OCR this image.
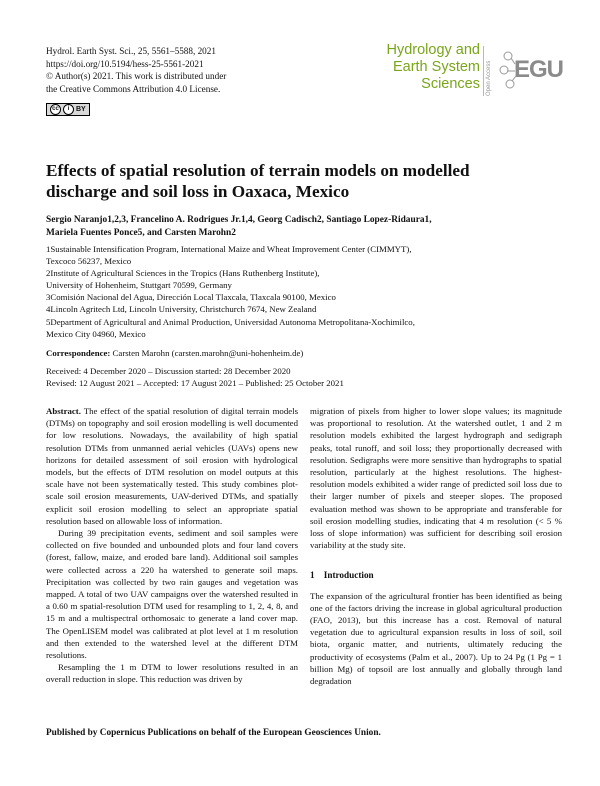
Hydrol. Earth Syst. Sci., 25, 5561–5588, 2021
https://doi.org/10.5194/hess-25-5561-2021
© Author(s) 2021. This work is distributed under
the Creative Commons Attribution 4.0 License.
cc	i BY
Hydrology and
Earth System
Sciences Open Access EGU
Effects of spatial resolution of terrain models on modelled
discharge and soil loss in Oaxaca, Mexico
Sergio Naranjo1,2,3, Francelino A. Rodrigues Jr.1,4, Georg Cadisch2, Santiago Lopez-Ridaura1,
Mariela Fuentes Ponce5, and Carsten Marohn2
1Sustainable Intensification Program, International Maize and Wheat Improvement Center (CIMMYT),
Texcoco 56237, Mexico
2Institute of Agricultural Sciences in the Tropics (Hans Ruthenberg Institute),
University of Hohenheim, Stuttgart 70599, Germany
3Comisión Nacional del Agua, Dirección Local Tlaxcala, Tlaxcala 90100, Mexico
4Lincoln Agritech Ltd, Lincoln University, Christchurch 7674, New Zealand
5Department of Agricultural and Animal Production, Universidad Autonoma Metropolitana-Xochimilco,
Mexico City 04960, Mexico
Correspondence: Carsten Marohn (carsten.marohn@uni-hohenheim.de)
Received: 4 December 2020 – Discussion started: 28 December 2020
Revised: 12 August 2021 – Accepted: 17 August 2021 – Published: 25 October 2021

Abstract. The effect of the spatial resolution of digital terrain models (DTMs) on topography and soil erosion modelling is well documented for low resolutions. Nowadays, the availability of high spatial resolution DTMs from unmanned aerial vehicles (UAVs) opens new horizons for detailed assessment of soil erosion with hydrological models, but the effects of DTM resolution on model outputs at this scale have not been systematically tested. This study combines plot-scale soil erosion measurements, UAV-derived DTMs, and spatially explicit soil erosion modelling to select an appropriate spatial resolution based on allowable loss of information.

During 39 precipitation events, sediment and soil samples were collected on five bounded and unbounded plots and four land covers (forest, fallow, maize, and eroded bare land). Additional soil samples were collected across a 220 ha watershed to generate soil maps. Precipitation was collected by two rain gauges and vegetation was mapped. A total of two UAV campaigns over the watershed resulted in a 0.60 m spatial-resolution DTM used for resampling to 1, 2, 4, 8, and 15 m and a multispectral orthomosaic to generate a land cover map. The OpenLISEM model was calibrated at plot level at 1 m resolution and then extended to the watershed level at the different DTM resolutions.

Resampling the 1 m DTM to lower resolutions resulted in an overall reduction in slope. This reduction was driven by

migration of pixels from higher to lower slope values; its magnitude was proportional to resolution. At the watershed outlet, 1 and 2 m resolution models exhibited the largest hydrograph and sedigraph peaks, total runoff, and soil loss; they proportionally decreased with resolution. Sedigraphs were more sensitive than hydrographs to spatial resolution, particularly at the highest resolutions. The highest-resolution models exhibited a wider range of predicted soil loss due to their larger number of pixels and steeper slopes. The proposed evaluation method was shown to be appropriate and transferable for soil erosion modelling studies, indicating that 4 m resolution (< 5 % loss of slope information) was sufficient for describing soil erosion variability at the study site.

1 Introduction

The expansion of the agricultural frontier has been identified as being one of the factors driving the increase in global agricultural production (FAO, 2013), but this increase has a cost. Removal of natural vegetation due to agricultural expansion results in loss of soil, soil biota, organic matter, and nutrients, ultimately reducing the productivity of ecosystems (Palm et al., 2007). Up to 24 Pg (1 Pg = 1 billion Mg) of topsoil are lost annually and globally through land degradation

Published by Copernicus Publications on behalf of the European Geosciences Union.
